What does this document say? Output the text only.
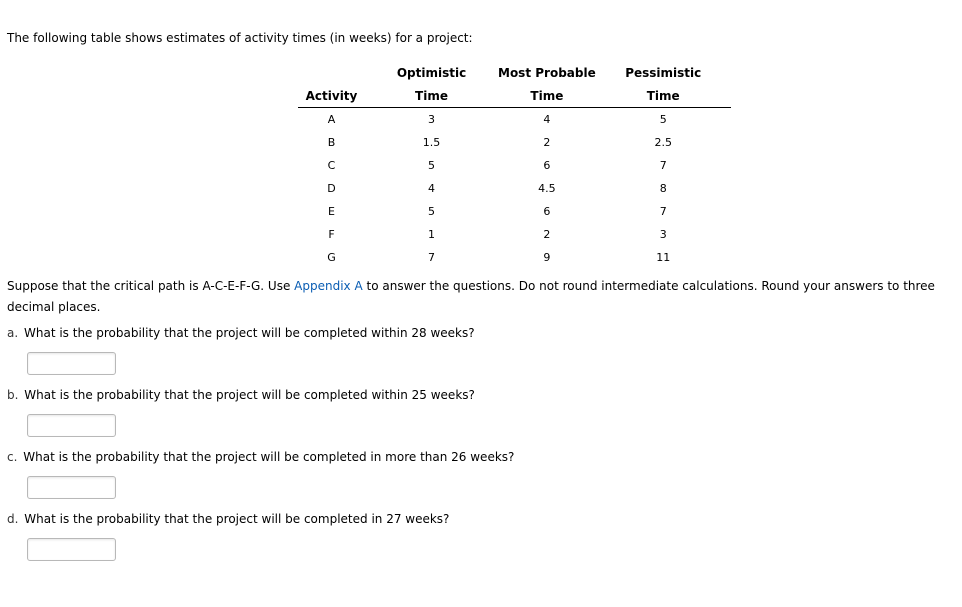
The following table shows estimates of activity times (in weeks) for a project:

	Optimistic	Most Probable	Pessimistic
Activity	Time	Time	Time
A	3	4	5
B	1.5	2	2.5
C	5	6	7
D	4	4.5	8
E	5	6	7
F	1	2	3
G	7	9	11

Suppose that the critical path is A-C-E-F-G. Use Appendix A to answer the questions. Do not round intermediate calculations. Round your answers to three decimal places.

a. What is the probability that the project will be completed within 28 weeks?

b. What is the probability that the project will be completed within 25 weeks?

c. What is the probability that the project will be completed in more than 26 weeks?

d. What is the probability that the project will be completed in 27 weeks?
